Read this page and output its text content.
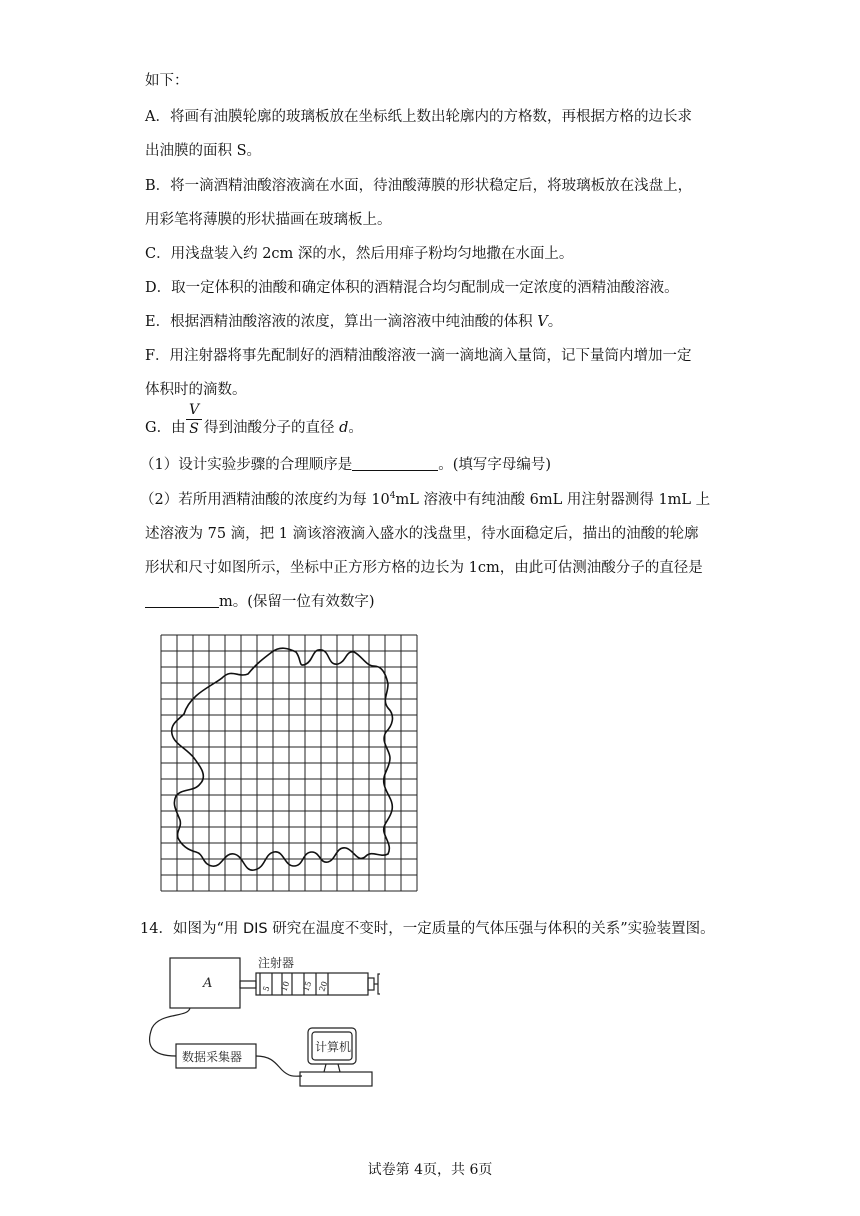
如下：
A．将画有油膜轮廓的玻璃板放在坐标纸上数出轮廓内的方格数，再根据方格的边长求
出油膜的面积 S。
B．将一滴酒精油酸溶液滴在水面，待油酸薄膜的形状稳定后，将玻璃板放在浅盘上，
用彩笔将薄膜的形状描画在玻璃板上。
C．用浅盘装入约 2cm 深的水，然后用痱子粉均匀地撒在水面上。
D．取一定体积的油酸和确定体积的酒精混合均匀配制成一定浓度的酒精油酸溶液。
E．根据酒精油酸溶液的浓度，算出一滴溶液中纯油酸的体积 V。
F．用注射器将事先配制好的酒精油酸溶液一滴一滴地滴入量筒，记下量筒内增加一定
体积时的滴数。
G．由
V
S 得到油酸分子的直径 d。
（1）设计实验步骤的合理顺序是	。(填写字母编号)
（2）若所用酒精油酸的浓度约为每 $10^4mL$ 溶液中有纯油酸 6mL 用注射器测得 1mL 上
述溶液为 75 滴，把 1 滴该溶液滴入盛水的浅盘里，待水面稳定后，描出的油酸的轮廓
形状和尺寸如图所示，坐标中正方形方格的边长为 1cm，由此可估测油酸分子的直径是
m。(保留一位有效数字)
14．如图为“用 DIS 研究在温度不变时，一定质量的气体压强与体积的关系”实验装置图。
A	5 10 15 20
注射器
数据采集器
计算机
试卷第 4页，共 6页
